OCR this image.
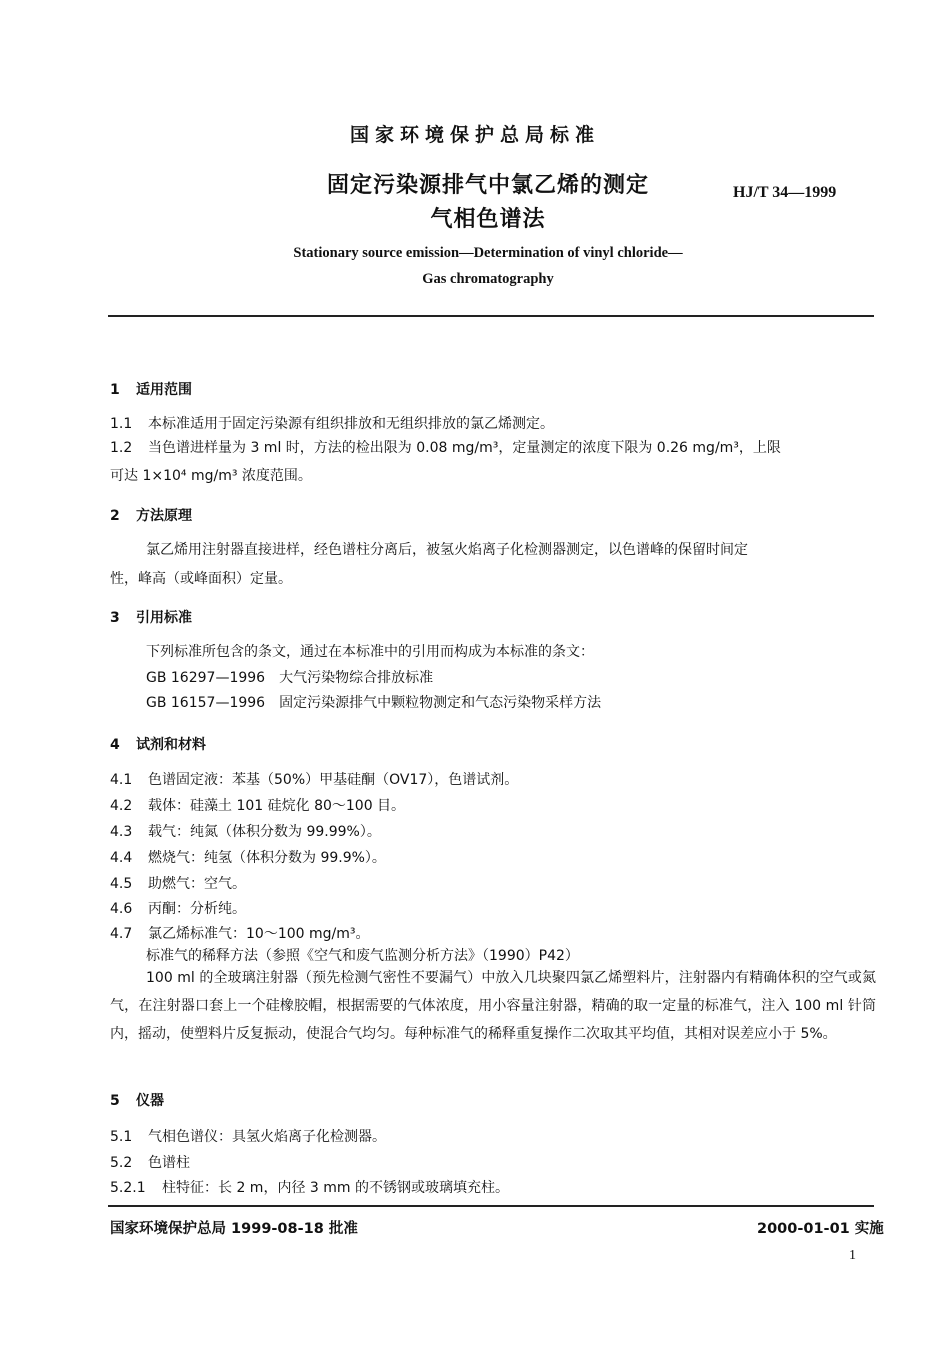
国家环境保护总局标准
固定污染源排气中氯乙烯的测定
气相色谱法
HJ/T 34—1999
Stationary source emission—Determination of vinyl chloride—
Gas chromatography
1 适用范围
1.1 本标准适用于固定污染源有组织排放和无组织排放的氯乙烯测定。
1.2 当色谱进样量为 3 ml 时，方法的检出限为 0.08 mg/m³，定量测定的浓度下限为 0.26 mg/m³，上限
可达 1×10⁴ mg/m³ 浓度范围。
2 方法原理
氯乙烯用注射器直接进样，经色谱柱分离后，被氢火焰离子化检测器测定，以色谱峰的保留时间定
性，峰高（或峰面积）定量。
3 引用标准
下列标准所包含的条文，通过在本标准中的引用而构成为本标准的条文：
GB 16297—1996　大气污染物综合排放标准
GB 16157—1996　固定污染源排气中颗粒物测定和气态污染物采样方法
4 试剂和材料
4.1 色谱固定液：苯基（50%）甲基硅酮（OV17），色谱试剂。
4.2 载体：硅藻土 101 硅烷化 80～100 目。
4.3 载气：纯氮（体积分数为 99.99%）。
4.4 燃烧气：纯氢（体积分数为 99.9%）。
4.5 助燃气：空气。
4.6 丙酮：分析纯。
4.7 氯乙烯标准气：10～100 mg/m³。
标准气的稀释方法（参照《空气和废气监测分析方法》（1990）P42）
100 ml 的全玻璃注射器（预先检测气密性不要漏气）中放入几块聚四氯乙烯塑料片，注射器内有精确体积的空气或氮气，在注射器口套上一个硅橡胶帽，根据需要的气体浓度，用小容量注射器，精确的取一定量的标准气，注入 100 ml 针筒内，摇动，使塑料片反复振动，使混合气均匀。每种标准气的稀释重复操作二次取其平均值，其相对误差应小于 5%。
5 仪器
5.1 气相色谱仪：具氢火焰离子化检测器。
5.2 色谱柱
5.2.1 柱特征：长 2 m，内径 3 mm 的不锈钢或玻璃填充柱。
国家环境保护总局 1999-08-18 批准	2000-01-01 实施
1
